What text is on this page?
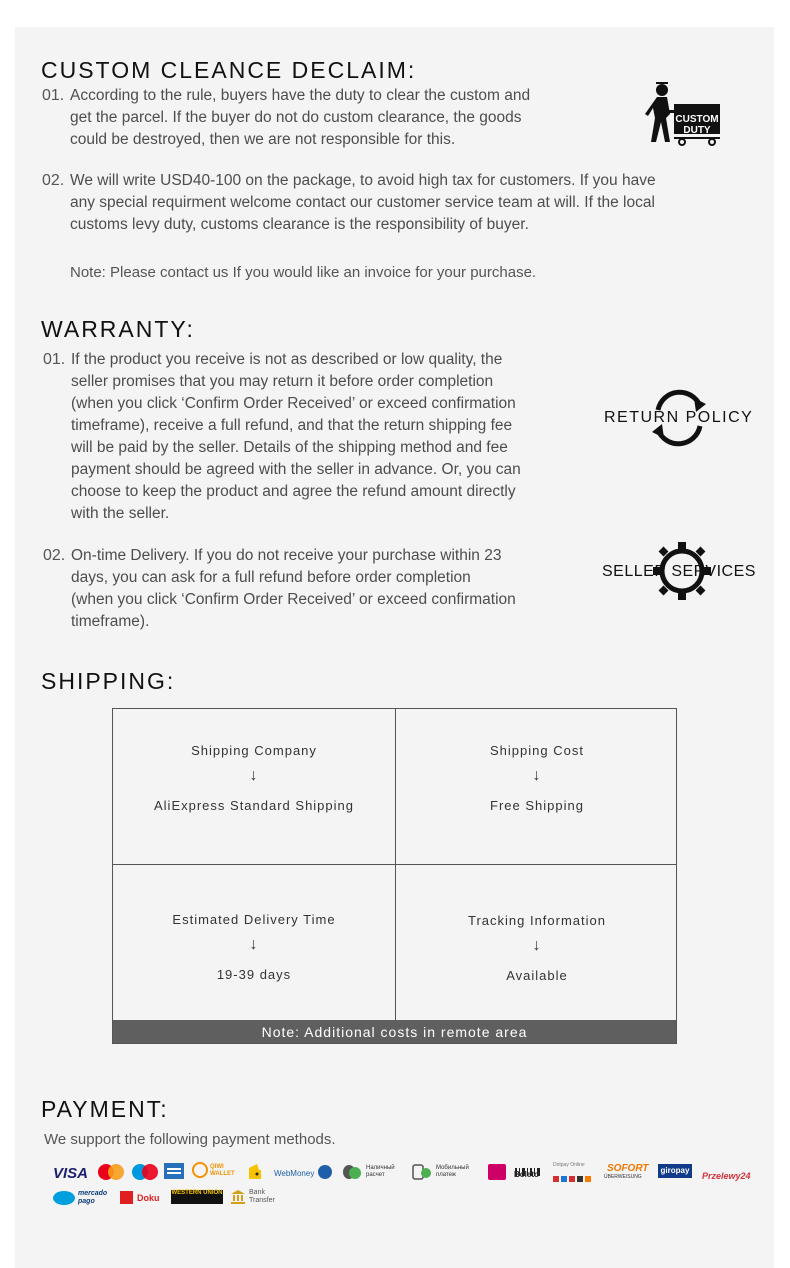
CUSTOM CLEANCE DECLAIM:
01. According to the rule, buyers have the duty to clear the custom and
get the parcel. If the buyer do not do custom clearance, the goods
could be destroyed, then we are not responsible for this.
CUSTOM
DUTY
02. We will write USD40-100 on the package, to avoid high tax for customers. If you have
any special requirment welcome contact our customer service team at will. If the local
customs levy duty, customs clearance is the responsibility of buyer.
Note: Please contact us If you would like an invoice for your purchase.
WARRANTY:
01. If the product you receive is not as described or low quality, the
seller promises that you may return it before order completion
(when you click ‘Confirm Order Received’ or exceed confirmation
timeframe), receive a full refund, and that the return shipping fee
will be paid by the seller. Details of the shipping method and fee
payment should be agreed with the seller in advance. Or, you can
choose to keep the product and agree the refund amount directly
with the seller.
RETURN POLICY
02. On-time Delivery. If you do not receive your purchase within 23
days, you can ask for a full refund before order completion
(when you click ‘Confirm Order Received’ or exceed confirmation
timeframe).
SELLER SERVICES
SHIPPING:
Shipping Company
↓
AliExpress Standard Shipping
Shipping Cost
↓
Free Shipping
Estimated Delivery Time
↓
19-39 days
Tracking Information
↓
Available
Note: Additional costs in remote area
PAYMENT:
We support the following payment methods.
VISA	QIWI WALLET	WebMoney
Наличный расчет
Мобильный платеж	Boleto
Dotpay Online SOFORT
ÜBERWEISUNG
giropay
Przelewy24
mercado pago	Doku WESTERN UNION	Bank Transfer
